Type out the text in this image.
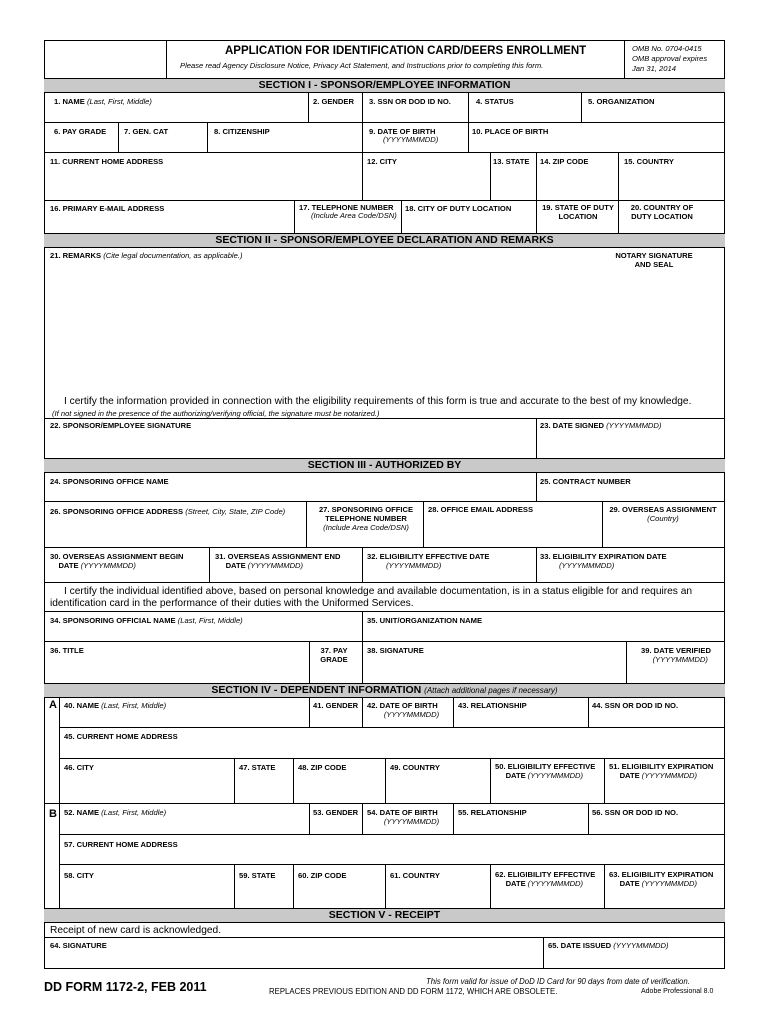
APPLICATION FOR IDENTIFICATION CARD/DEERS ENROLLMENT
Please read Agency Disclosure Notice, Privacy Act Statement, and Instructions prior to completing this form.
OMB No. 0704-0415
OMB approval expires
Jan 31, 2014
SECTION I - SPONSOR/EMPLOYEE INFORMATION
1. NAME (Last, First, Middle)	2. GENDER 3. SSN OR DOD ID NO.	4. STATUS	5. ORGANIZATION
6. PAY GRADE 7. GEN. CAT	8. CITIZENSHIP	9. DATE OF BIRTH
(YYYYMMMDD)
10. PLACE OF BIRTH
11. CURRENT HOME ADDRESS	12. CITY	13. STATE 14. ZIP CODE	15. COUNTRY
16. PRIMARY E-MAIL ADDRESS	17. TELEPHONE NUMBER
(Include Area Code/DSN)
18. CITY OF DUTY LOCATION	19. STATE OF DUTY
LOCATION
20. COUNTRY OF
DUTY LOCATION
SECTION II - SPONSOR/EMPLOYEE DECLARATION AND REMARKS
21. REMARKS (Cite legal documentation, as applicable.)	NOTARY SIGNATURE
AND SEAL
I certify the information provided in connection with the eligibility requirements of this form is true and accurate to the best of my knowledge.
(If not signed in the presence of the authorizing/verifying official, the signature must be notarized.)
22. SPONSOR/EMPLOYEE SIGNATURE	23. DATE SIGNED (YYYYMMMDD)
SECTION III - AUTHORIZED BY
24. SPONSORING OFFICE NAME	25. CONTRACT NUMBER
26. SPONSORING OFFICE ADDRESS (Street, City, State, ZIP Code)	27. SPONSORING OFFICE
TELEPHONE NUMBER
(Include Area Code/DSN)
28. OFFICE EMAIL ADDRESS	29. OVERSEAS ASSIGNMENT
(Country)
30. OVERSEAS ASSIGNMENT BEGIN
DATE (YYYYMMMDD)
31. OVERSEAS ASSIGNMENT END
DATE (YYYYMMMDD)
32. ELIGIBILITY EFFECTIVE DATE
(YYYYMMMDD)
33. ELIGIBILITY EXPIRATION DATE
(YYYYMMMDD)
I certify the individual identified above, based on personal knowledge and available documentation, is in a status eligible for and requires an
identification card in the performance of their duties with the Uniformed Services.
34. SPONSORING OFFICIAL NAME (Last, First, Middle)	35. UNIT/ORGANIZATION NAME
36. TITLE	37. PAY
GRADE
38. SIGNATURE	39. DATE VERIFIED
(YYYYMMMDD)
SECTION IV - DEPENDENT INFORMATION (Attach additional pages if necessary)
A 40. NAME (Last, First, Middle)	41. GENDER 42. DATE OF BIRTH
(YYYYMMMDD)
43. RELATIONSHIP	44. SSN OR DOD ID NO.
45. CURRENT HOME ADDRESS
46. CITY	47. STATE	48. ZIP CODE	49. COUNTRY	50. ELIGIBILITY EFFECTIVE
DATE (YYYYMMMDD)
51. ELIGIBILITY EXPIRATION
DATE (YYYYMMMDD)
B 52. NAME (Last, First, Middle)	53. GENDER 54. DATE OF BIRTH
(YYYYMMMDD)
55. RELATIONSHIP	56. SSN OR DOD ID NO.
57. CURRENT HOME ADDRESS
58. CITY	59. STATE	60. ZIP CODE	61. COUNTRY	62. ELIGIBILITY EFFECTIVE
DATE (YYYYMMMDD)
63. ELIGIBILITY EXPIRATION
DATE (YYYYMMMDD)
SECTION V - RECEIPT
Receipt of new card is acknowledged.
64. SIGNATURE	65. DATE ISSUED (YYYYMMMDD)
DD FORM 1172-2, FEB 2011	This form valid for issue of DoD ID Card for 90 days from date of verification.
REPLACES PREVIOUS EDITION AND DD FORM 1172, WHICH ARE OBSOLETE.	Adobe Professional 8.0
